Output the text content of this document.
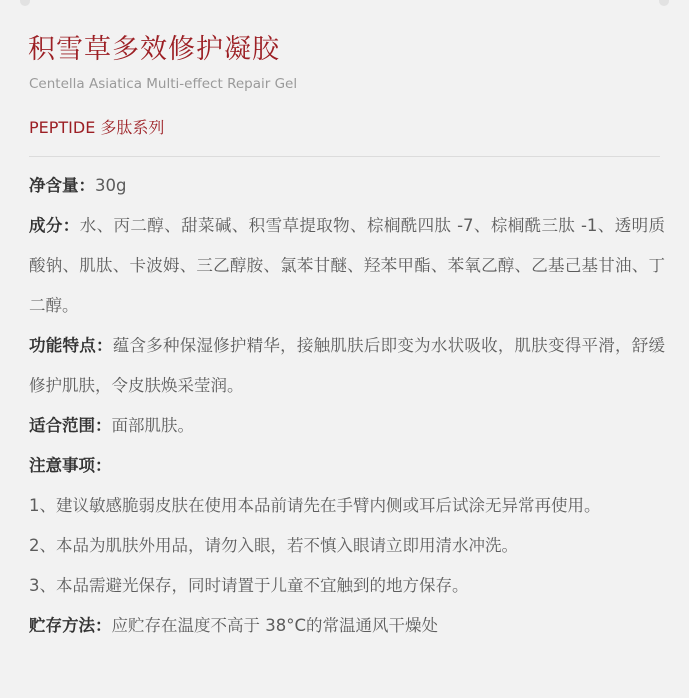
积雪草多效修护凝胶
Centella Asiatica Multi-effect Repair Gel
PEPTIDE 多肽系列

净含量：30g

成分：水、丙二醇、甜菜碱、积雪草提取物、棕榈酰四肽 -7、棕榈酰三肽 -1、透明质酸钠、肌肽、卡波姆、三乙醇胺、氯苯甘醚、羟苯甲酯、苯氧乙醇、乙基己基甘油、丁二醇。

功能特点：蕴含多种保湿修护精华，接触肌肤后即变为水状吸收，肌肤变得平滑，舒缓修护肌肤，令皮肤焕采莹润。

适合范围：面部肌肤。

注意事项：

1、建议敏感脆弱皮肤在使用本品前请先在手臂内侧或耳后试涂无异常再使用。

2、本品为肌肤外用品，请勿入眼，若不慎入眼请立即用清水冲洗。

3、本品需避光保存，同时请置于儿童不宜触到的地方保存。

贮存方法：应贮存在温度不高于 38°C的常温通风干燥处
